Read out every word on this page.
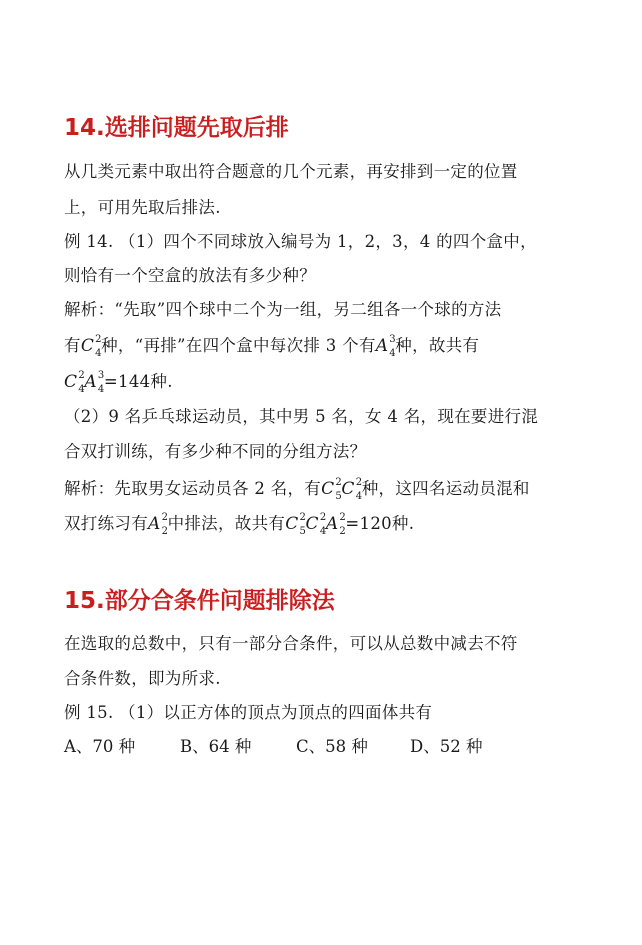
14.选排问题先取后排
从几类元素中取出符合题意的几个元素，再安排到一定的位置
上，可用先取后排法.
例 14. （1）四个不同球放入编号为 1，2，3，4 的四个盒中，
则恰有一个空盒的放法有多少种？
解析：“先取”四个球中二个为一组，另二组各一个球的方法
有C 2
4 种，“再排”在四个盒中每次排 3 个有A 3
4 种，故共有
C 2
4 A 3
4 =144种.
（2）9 名乒乓球运动员，其中男 5 名，女 4 名，现在要进行混
合双打训练，有多少种不同的分组方法？
解析：先取男女运动员各 2 名，有C 2
5 C 2
4 种，这四名运动员混和
双打练习有A 2
2 中排法，故共有C 2
5 C 2
4 A 2
2 =120种.
15.部分合条件问题排除法
在选取的总数中，只有一部分合条件，可以从总数中减去不符
合条件数，即为所求.
例 15. （1）以正方体的顶点为顶点的四面体共有
A、70 种	B、64 种	C、58 种	D、52 种
